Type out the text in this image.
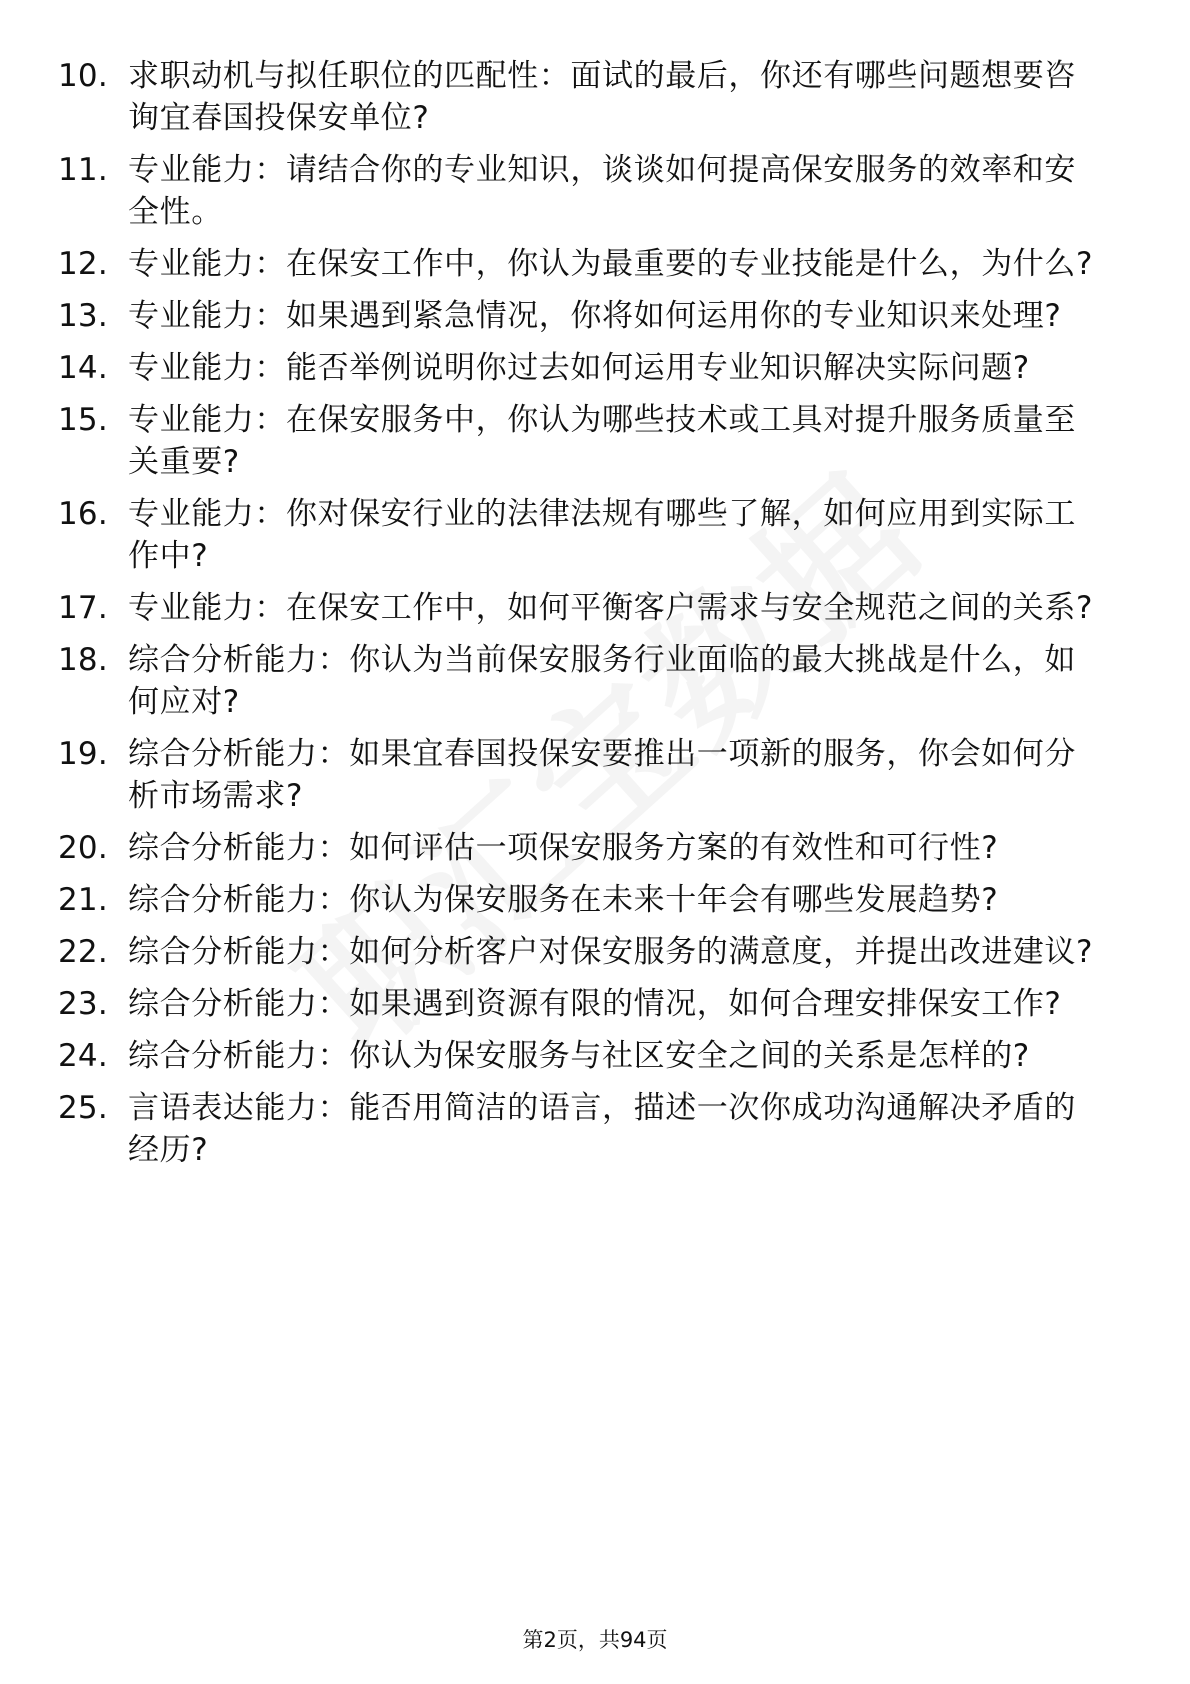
10. 求职动机与拟任职位的匹配性：面试的最后，你还有哪些问题想要咨询宜春国投保安单位?
11. 专业能力：请结合你的专业知识，谈谈如何提高保安服务的效率和安全性。
12. 专业能力：在保安工作中，你认为最重要的专业技能是什么，为什么?
13. 专业能力：如果遇到紧急情况，你将如何运用你的专业知识来处理?
14. 专业能力：能否举例说明你过去如何运用专业知识解决实际问题?
15. 专业能力：在保安服务中，你认为哪些技术或工具对提升服务质量至关重要?
16. 专业能力：你对保安行业的法律法规有哪些了解，如何应用到实际工作中?
17. 专业能力：在保安工作中，如何平衡客户需求与安全规范之间的关系?
18. 综合分析能力：你认为当前保安服务行业面临的最大挑战是什么，如何应对?
19. 综合分析能力：如果宜春国投保安要推出一项新的服务，你会如何分析市场需求?
20. 综合分析能力：如何评估一项保安服务方案的有效性和可行性?
21. 综合分析能力：你认为保安服务在未来十年会有哪些发展趋势?
22. 综合分析能力：如何分析客户对保安服务的满意度，并提出改进建议?
23. 综合分析能力：如果遇到资源有限的情况，如何合理安排保安工作?
24. 综合分析能力：你认为保安服务与社区安全之间的关系是怎样的?
25. 言语表达能力：能否用简洁的语言，描述一次你成功沟通解决矛盾的经历?
第2页，共94页
